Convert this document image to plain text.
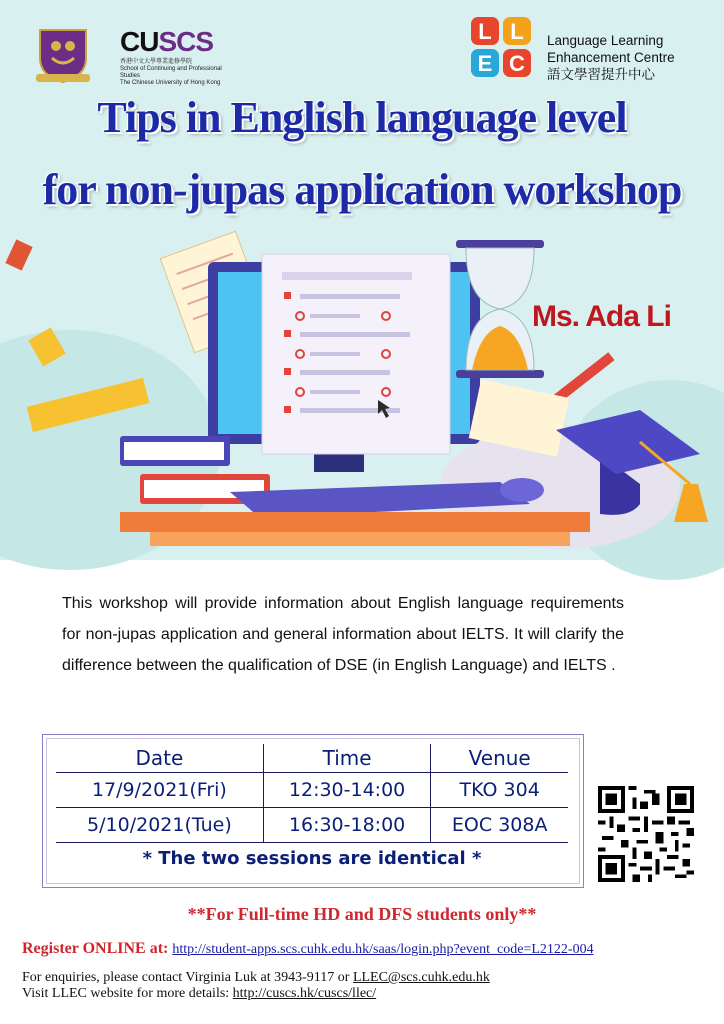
CUSCS
香港中文大學專業進修學院
School of Continuing and Professional Studies
The Chinese University of Hong Kong
L L
E C
Language Learning
Enhancement Centre
語文學習提升中心
Tips in English language level
for non-jupas application workshop
Ms. Ada Li

This workshop will provide information about English language requirements for non-jupas application and general information about IELTS. It will clarify the difference between the qualification of DSE (in English Language) and IELTS .

Date	Time	Venue
17/9/2021(Fri)	12:30-14:00	TKO 304
5/10/2021(Tue)	16:30-18:00	EOC 308A
* The two sessions are identical *		
**For Full-time HD and DFS students only**
Register ONLINE at: http://student-apps.scs.cuhk.edu.hk/saas/login.php?event_code=L2122-004
For enquiries, please contact Virginia Luk at 3943-9117 or LLEC@scs.cuhk.edu.hk
Visit LLEC website for more details: http://cuscs.hk/cuscs/llec/
